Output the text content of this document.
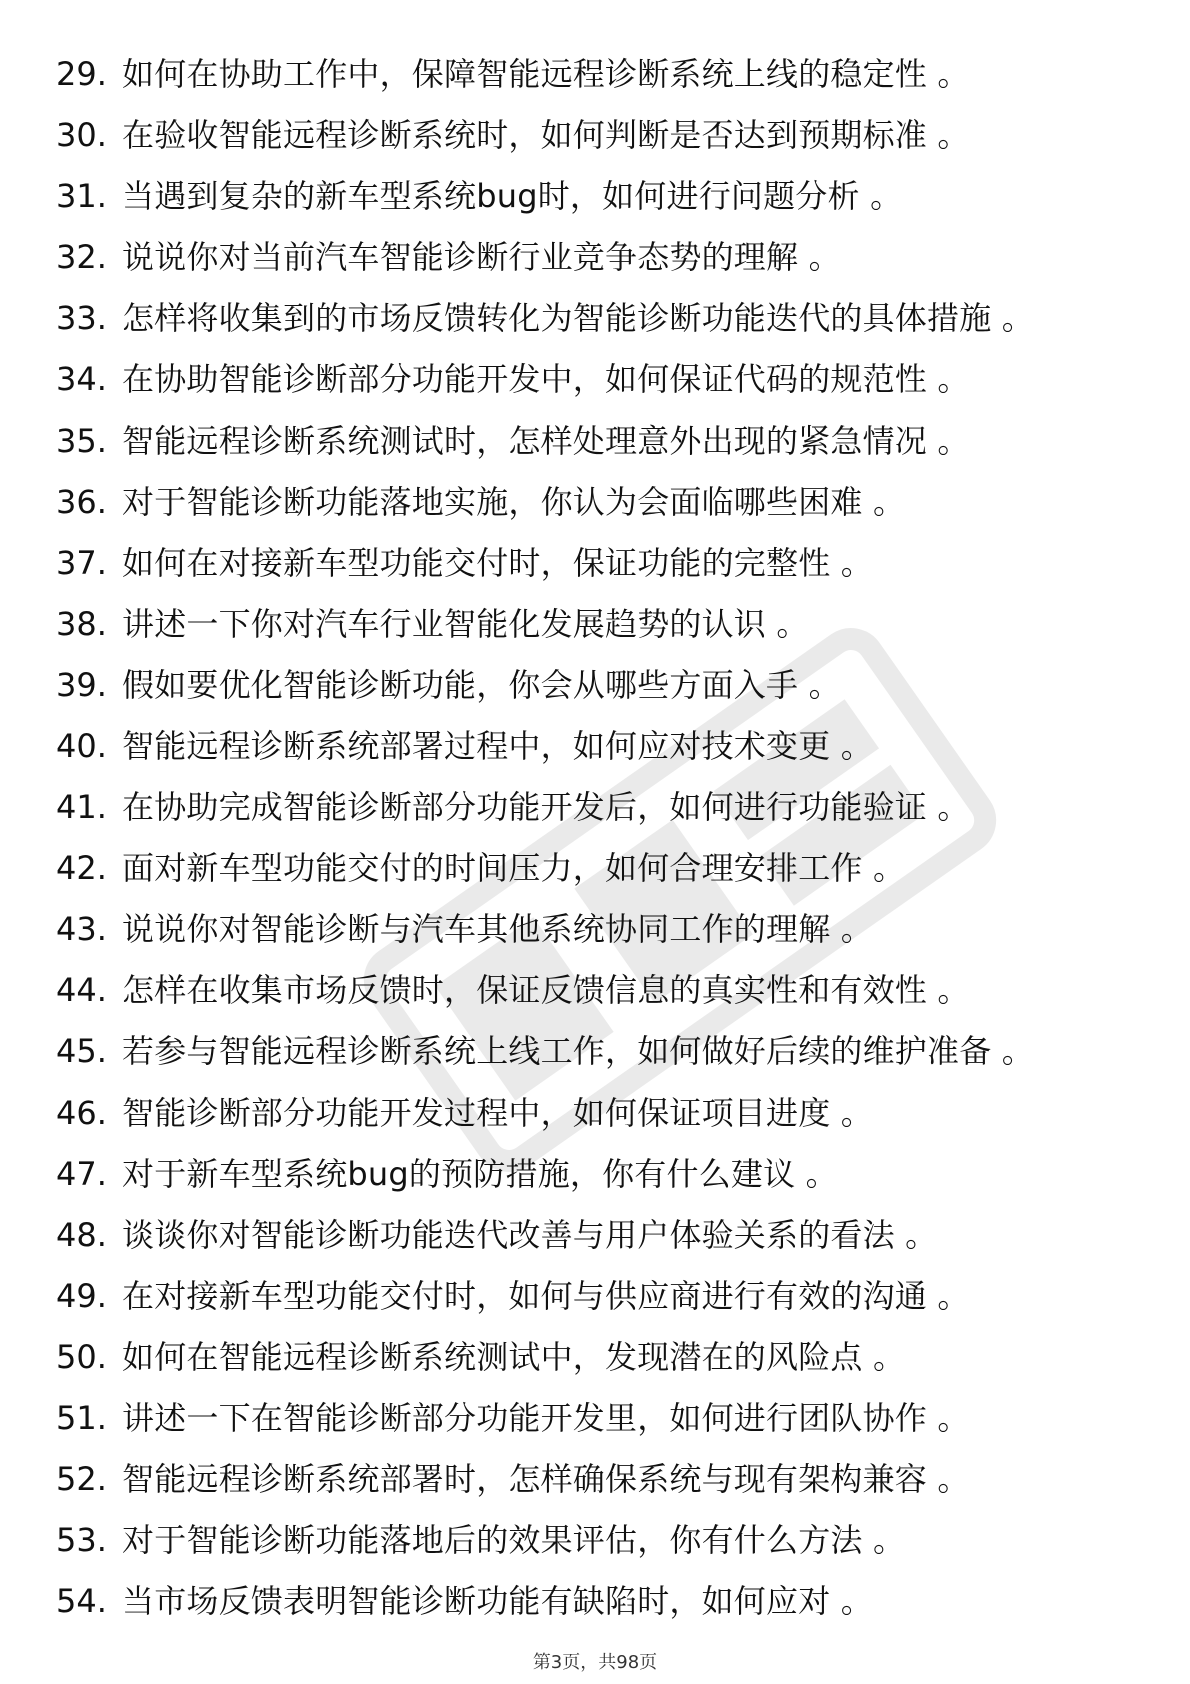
29. 如何在协助工作中，保障智能远程诊断系统上线的稳定性 。
30. 在验收智能远程诊断系统时，如何判断是否达到预期标准 。
31. 当遇到复杂的新车型系统bug时，如何进行问题分析 。
32. 说说你对当前汽车智能诊断行业竞争态势的理解 。
33. 怎样将收集到的市场反馈转化为智能诊断功能迭代的具体措施 。
34. 在协助智能诊断部分功能开发中，如何保证代码的规范性 。
35. 智能远程诊断系统测试时，怎样处理意外出现的紧急情况 。
36. 对于智能诊断功能落地实施，你认为会面临哪些困难 。
37. 如何在对接新车型功能交付时，保证功能的完整性 。
38. 讲述一下你对汽车行业智能化发展趋势的认识 。
39. 假如要优化智能诊断功能，你会从哪些方面入手 。
40. 智能远程诊断系统部署过程中，如何应对技术变更 。
41. 在协助完成智能诊断部分功能开发后，如何进行功能验证 。
42. 面对新车型功能交付的时间压力，如何合理安排工作 。
43. 说说你对智能诊断与汽车其他系统协同工作的理解 。
44. 怎样在收集市场反馈时，保证反馈信息的真实性和有效性 。
45. 若参与智能远程诊断系统上线工作，如何做好后续的维护准备 。
46. 智能诊断部分功能开发过程中，如何保证项目进度 。
47. 对于新车型系统bug的预防措施，你有什么建议 。
48. 谈谈你对智能诊断功能迭代改善与用户体验关系的看法 。
49. 在对接新车型功能交付时，如何与供应商进行有效的沟通 。
50. 如何在智能远程诊断系统测试中，发现潜在的风险点 。
51. 讲述一下在智能诊断部分功能开发里，如何进行团队协作 。
52. 智能远程诊断系统部署时，怎样确保系统与现有架构兼容 。
53. 对于智能诊断功能落地后的效果评估，你有什么方法 。
54. 当市场反馈表明智能诊断功能有缺陷时，如何应对 。
第3页，共98页
